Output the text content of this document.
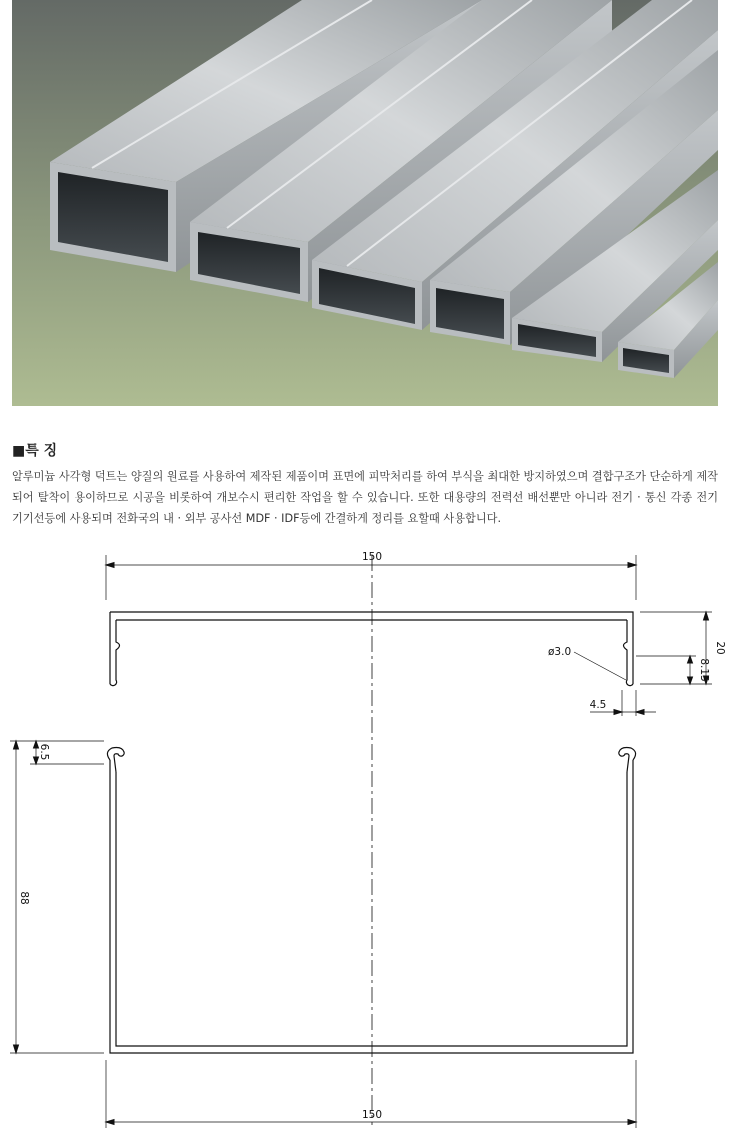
■특 징

알루미늄 사각형 덕트는 양질의 원료를 사용하여 제작된 제품이며 표면에 피막처리를 하여 부식을 최대한 방지하였으며 결합구조가 단순하게 제작되어 탈착이 용이하므로 시공을 비롯하여 개보수시 편리한 작업을 할 수 있습니다. 또한 대용량의 전력선 배선뿐만 아니라 전기 · 통신 각종 전기 기기선등에 사용되며 전화국의 내 · 외부 공사선 MDF · IDF등에 간결하게 정리를 요할때 사용합니다.

150
20
8.15
ø3.0
4.5
6.5
88
150
